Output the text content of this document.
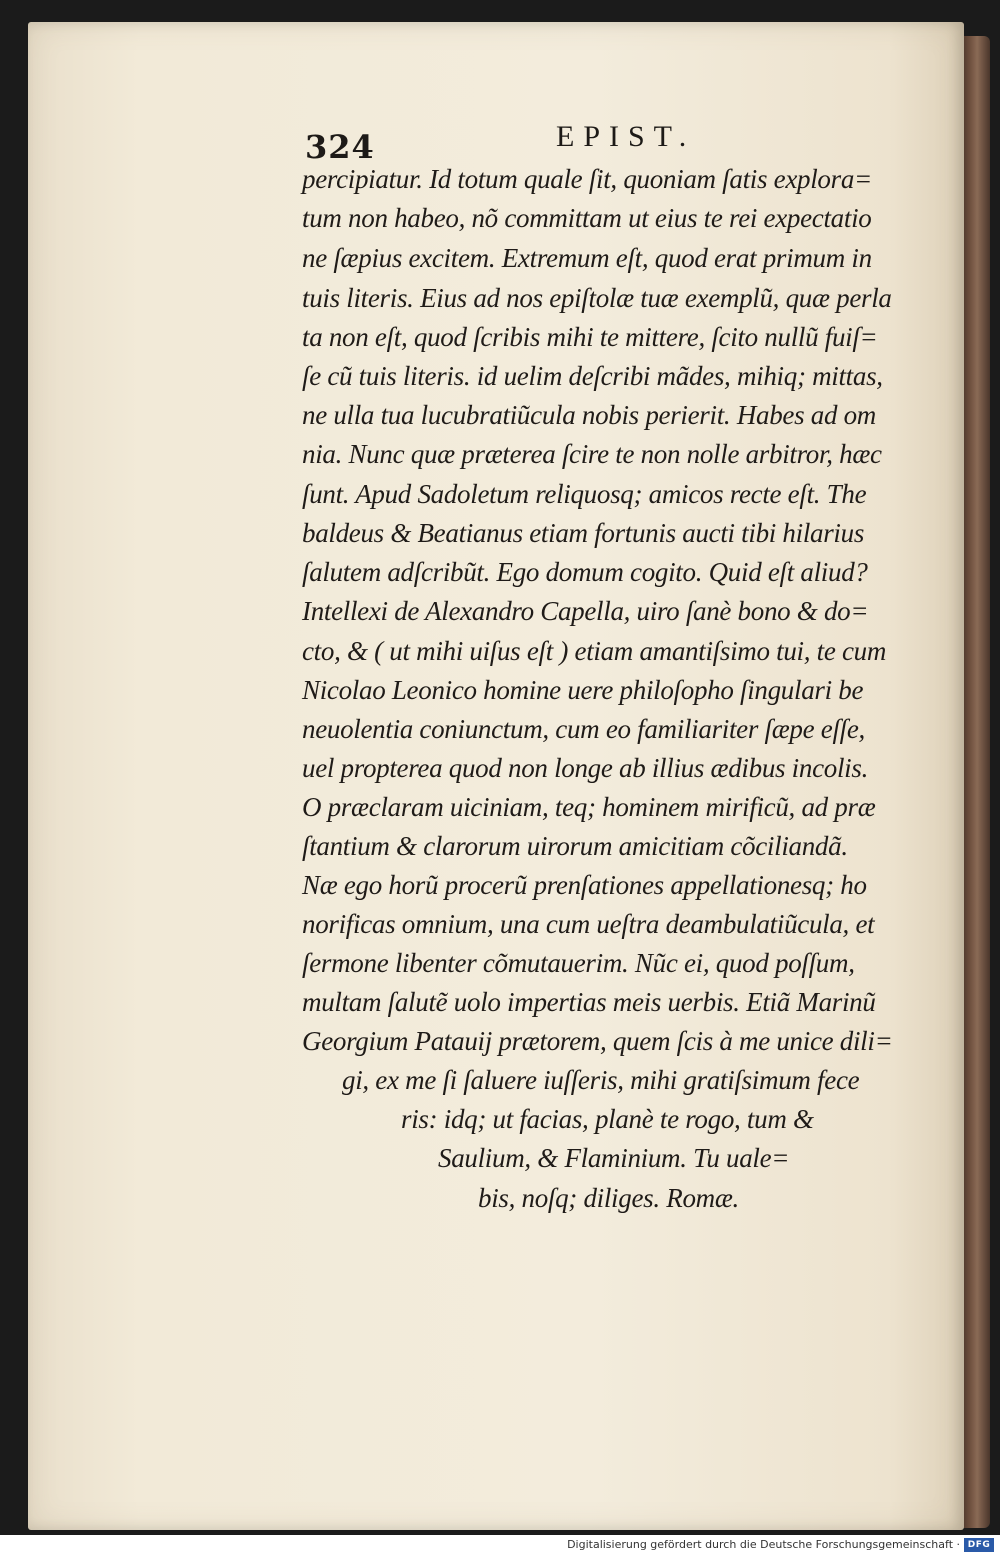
324	EPIST.
percipiatur. Id totum quale ſit, quoniam ſatis explora=
tum non habeo, nõ committam ut eius te rei expectatio
ne ſæpius excitem. Extremum eſt, quod erat primum in
tuis literis. Eius ad nos epiſtolæ tuæ exemplũ, quæ perla
ta non eſt, quod ſcribis mihi te mittere, ſcito nullũ fuiſ=
ſe cũ tuis literis. id uelim deſcribi mãdes, mihiq; mittas,
ne ulla tua lucubratiũcula nobis perierit. Habes ad om
nia. Nunc quæ præterea ſcire te non nolle arbitror, hæc
ſunt. Apud Sadoletum reliquosq; amicos recte eſt. The
baldeus & Beatianus etiam fortunis aucti tibi hilarius
ſalutem adſcribũt. Ego domum cogito. Quid eſt aliud?
Intellexi de Alexandro Capella, uiro ſanè bono & do=
cto, & ( ut mihi uiſus eſt ) etiam amantiſsimo tui, te cum
Nicolao Leonico homine uere philoſopho ſingulari be
neuolentia coniunctum, cum eo familiariter ſæpe eſſe,
uel propterea quod non longe ab illius ædibus incolis.
O præclaram uiciniam, teq; hominem mirificũ, ad præ
ſtantium & clarorum uirorum amicitiam cõciliandã.
Næ ego horũ procerũ prenſationes appellationesq; ho
norificas omnium, una cum ueſtra deambulatiũcula, et
ſermone libenter cõmutauerim. Nũc ei, quod poſſum,
multam ſalutẽ uolo impertias meis uerbis. Etiã Marinũ
Georgium Patauij prætorem, quem ſcis à me unice dili=
gi, ex me ſi ſaluere iuſſeris, mihi gratiſsimum fece
ris: idq; ut facias, planè te rogo, tum &
Saulium, & Flaminium. Tu uale=
bis, noſq; diliges. Romæ.
Digitalisierung gefördert durch die Deutsche Forschungsgemeinschaft · DFG
